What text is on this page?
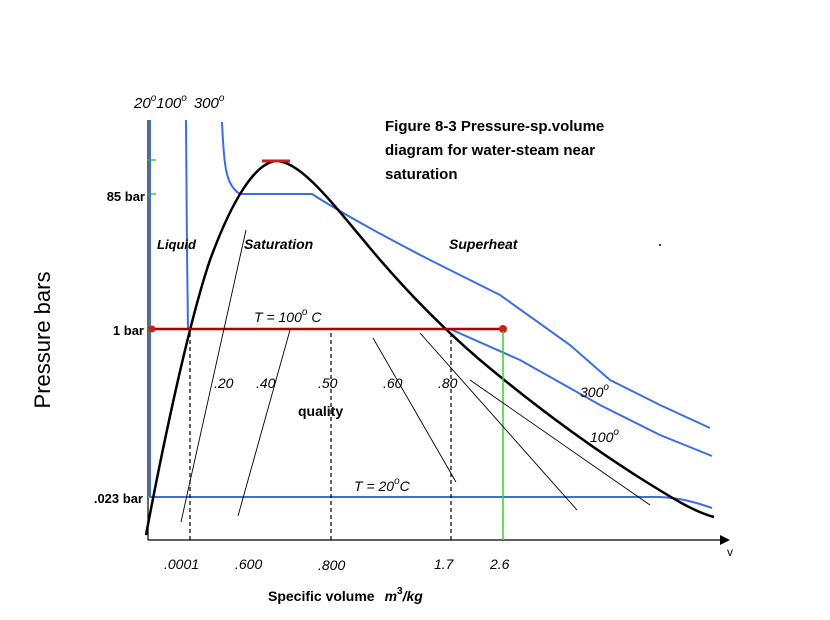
v
Pressure bars
85 bar
1 bar
.023 bar
.0001	.600	.800	1.7	2.6
Specific volume $m^3/kg$
20$^o$100$^o$ 300$^o$
Figure 8-3 Pressure-sp.volume
diagram for water-steam near
saturation
Liquid	Saturation	Superheat
$T = 100^o$ C
$T = 20^oC$
300$^o$
100$^o$
.20 .40	.50	.60	.80
quality
